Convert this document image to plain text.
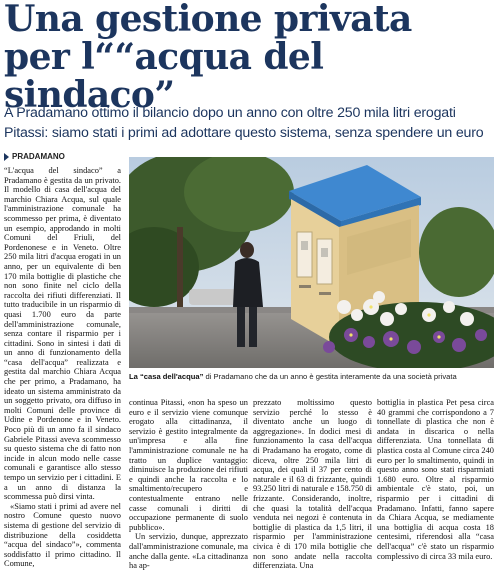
Una gestione privata
per l““acqua del sindaco”
A Pradamano ottimo il bilancio dopo un anno con oltre 250 mila litri erogati
Pitassi: siamo stati i primi ad adottare questo sistema, senza spendere un euro
PRADAMANO

“L'acqua del sindaco” a Pradamano è gestita da un privato. Il modello di casa dell'acqua del marchio Chiara Acqua, sul quale l'amministrazione comunale ha scommesso per prima, è diventato un esempio, approdando in molti Comuni del Friuli, del Pordenonese e in Veneto. Oltre 250 mila litri d'acqua erogati in un anno, per un equivalente di ben 170 mila bottiglie di plastiche che non sono finite nel ciclo della raccolta dei rifiuti differenziati. Il tutto traducibile in un risparmio di quasi 1.700 euro da parte dell'amministrazione comunale, senza contare il risparmio per i cittadini. Sono in sintesi i dati di un anno di funzionamento della “casa dell'acqua” realizzata e gestita dal marchio Chiara Acqua che per primo, a Pradamano, ha ideato un sistema amministrato da un soggetto privato, ora diffuso in molti Comuni delle province di Udine e Pordenone e in Veneto. Poco più di un anno fa il sindaco Gabriele Pitassi aveva scommesso su questo sistema che di fatto non incide in alcun modo nelle casse comunali e garantisce allo stesso tempo un servizio per i cittadini. E a un anno di distanza la scommessa può dirsi vinta.

«Siamo stati i primi ad avere nel nostro Comune questo nuovo sistema di gestione del servizio di distribuzione della cosiddetta “acqua del sindaco”», commenta soddisfatto il primo cittadino. Il Comune,

La “casa dell'acqua” di Pradamano che da un anno è gestita interamente da una società privata

continua Pitassi, «non ha speso un euro e il servizio viene comunque erogato alla cittadinanza, il servizio è gestito integralmente da un'impresa e alla fine l'amministrazione comunale ne ha tratto un duplice vantaggio: diminuisce la produzione dei rifiuti e quindi anche la raccolta e lo smaltimento/recupero e contestualmente entrano nelle casse comunali i diritti di occupazione permanente di suolo pubblico».

Un servizio, dunque, apprezzato dall'amministrazione comunale, ma anche dalla gente. «La cittadinanza ha ap-

prezzato moltissimo questo servizio perché lo stesso è diventato anche un luogo di aggregazione». In dodici mesi di funzionamento la casa dell'acqua di Pradamano ha erogato, come di diceva, oltre 250 mila litri di acqua, dei quali il 37 per cento di naturale e il 63 di frizzante, quindi 93.250 litri di naturale e 158.750 di frizzante. Considerando, inoltre, che quasi la totalità dell'acqua venduta nei negozi è contenuta in bottiglie di plastica da 1,5 litri, il risparmio per l'amministrazione civica è di 170 mila bottiglie che non sono andate nella raccolta differenziata. Una

bottiglia in plastica Pet pesa circa 40 grammi che corrispondono a 7 tonnellate di plastica che non è andata in discarica o nella differenziata. Una tonnellata di plastica costa al Comune circa 240 euro per lo smaltimento, quindi in questo anno sono stati risparmiati 1.680 euro. Oltre al risparmio ambientale c'è stato, poi, un risparmio per i cittadini di Pradamano. Infatti, fanno sapere da Chiara Acqua, se mediamente una bottiglia di acqua costa 18 centesimi, riferendosi alla “casa dell'acqua” c'è stato un risparmio complessivo di circa 33 mila euro.
